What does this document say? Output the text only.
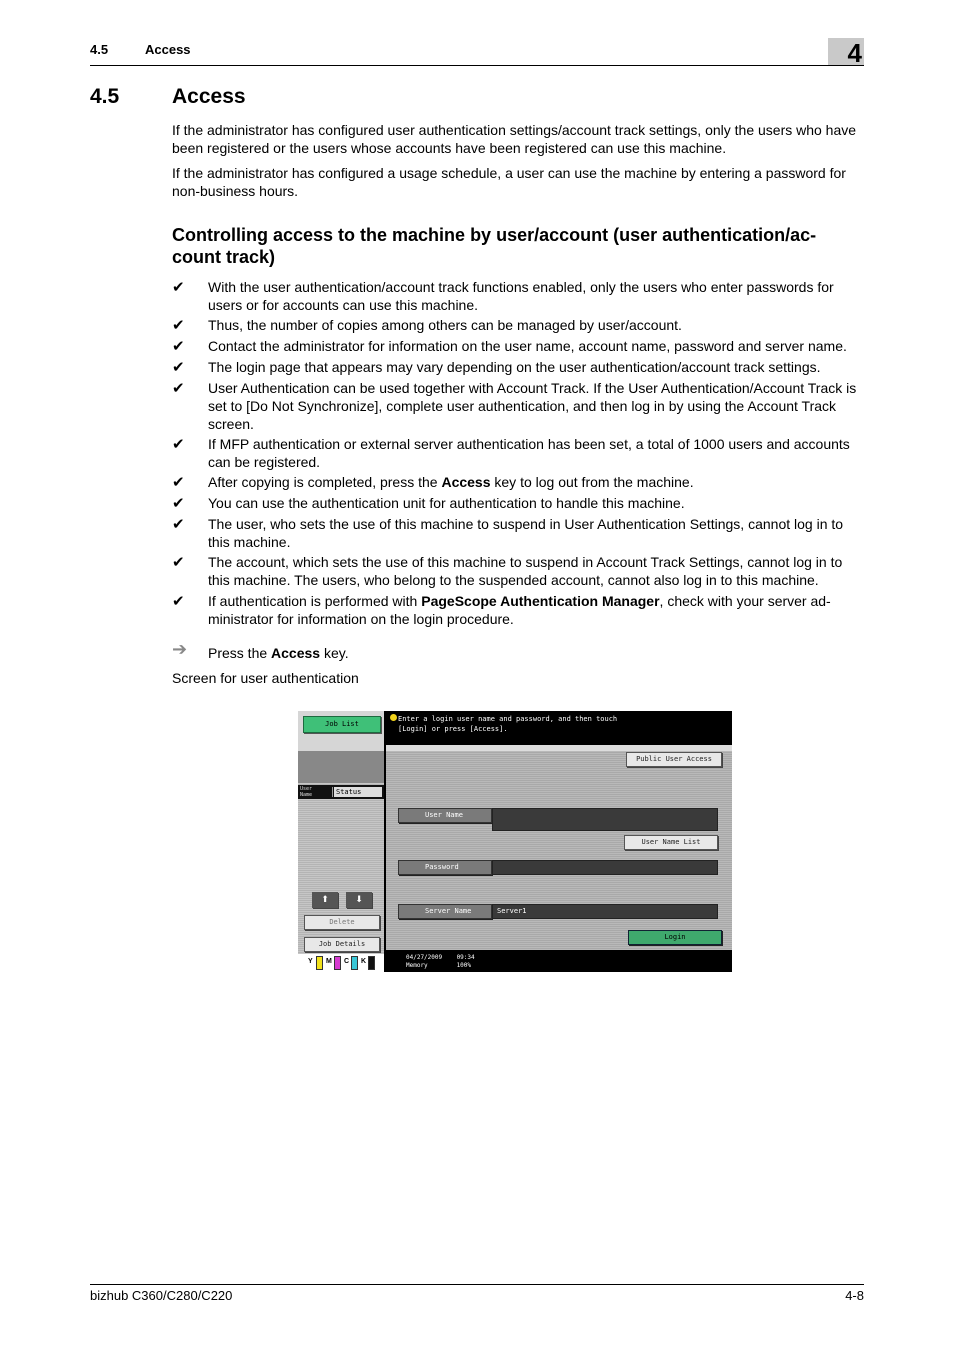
4.5	Access	4
4.5	Access
If the administrator has configured user authentication settings/account track settings, only the users who have been registered or the users whose accounts have been registered can use this machine.
If the administrator has configured a usage schedule, a user can use the machine by entering a password for non-business hours.
Controlling access to the machine by user/account (user authentication/ac-count track)
✔	With the user authentication/account track functions enabled, only the users who enter passwords for users or for accounts can use this machine.
✔	Thus, the number of copies among others can be managed by user/account.
✔	Contact the administrator for information on the user name, account name, password and server name.
✔	The login page that appears may vary depending on the user authentication/account track settings.
✔	User Authentication can be used together with Account Track. If the User Authentication/Account Track is set to [Do Not Synchronize], complete user authentication, and then log in by using the Account Track screen.
✔	If MFP authentication or external server authentication has been set, a total of 1000 users and accounts can be registered.
✔	After copying is completed, press the Access key to log out from the machine.
✔	You can use the authentication unit for authentication to handle this machine.
✔	The user, who sets the use of this machine to suspend in User Authentication Settings, cannot log in to this machine.
✔	The account, which sets the use of this machine to suspend in Account Track Settings, cannot log in to this machine. The users, who belong to the suspended account, cannot also log in to this machine.
✔	If authentication is performed with PageScope Authentication Manager, check with your server ad-ministrator for information on the login procedure.
➔ Press the Access key.
Screen for user authentication
Job List
User Name	Status
⬆	⬇
Delete
Job Details
Y M C K
Enter a login user name and password, and then touch
[Login] or press [Access].
Public User Access
User Name
User Name List
Password
Server Name	Server1
Login
04/27/2009    09:34
Memory        100%
bizhub C360/C280/C220	4-8
